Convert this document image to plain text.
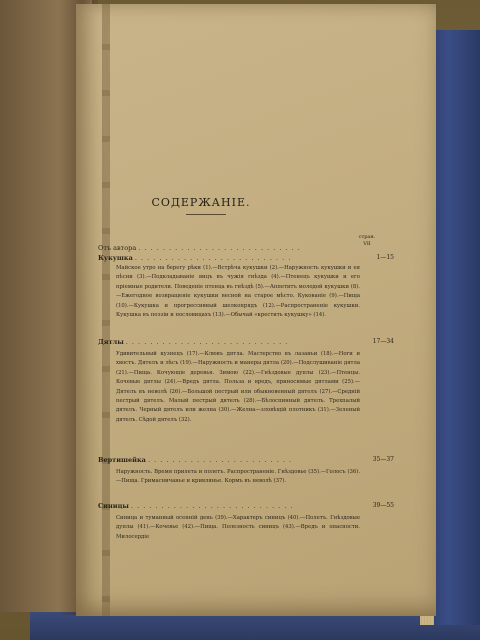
СОДЕРЖАНІЕ.
стран.
VII
Отъ автора . . . . . . . . . . . . . . . . . . . . . . . . . . .
Кукушка . . . . . . . . . . . . . . . . . . . . . . . . . .	1—15
Майское утро на берегу рѣки (1).—Встрѣча кукушки (2).—Наружность кукушки и ея пѣсни (3).—Подкладываніе яицъ въ чужія гнѣзда (4).—Птенецъ кукушки и его пріемные родители. Поведеніе птенца въ гнѣздѣ (5).—Аппетитъ молодой кукушки (8).—Ежегодное возвращеніе кукушки весной на старое мѣсто. Кукованіе (9).—Пища (10).—Кукушка и прогрессивный шелкопрядъ (12).—Распространеніе кукушки. Кукушка въ поэзіи и пословицахъ (13).—Обычай «крестить кукушку» (14).
Дятлы . . . . . . . . . . . . . . . . . . . . . . . . . . .	17—34
Удивительный кузнецъ (17).—Клювъ дятла. Мастерство въ лазаньи (18).—Ноги и хвостъ. Дятелъ и лѣсъ (19).—Наружность и манеры дятла (20).—Подслушиваніе дятла (21).—Пища. Кочующіе деревья. Зимою (22).—Гнѣздовые дуплы (23).—Птенцы. Кочевые дятлы (24).—Вредъ дятла. Польза и вредъ, приносимые дятлами (25).—Дятелъ въ неволѣ (26).—Большой пестрый или обыкновенный дятелъ (27).—Средній пестрый дятелъ. Малый пестрый дятелъ (28).—Бѣлоспинный дятелъ. Трехпалый дятелъ. Черный дятелъ или желна (30).—Желна—зловѣщій плотникъ (31).—Зеленый дятелъ. Сѣдой дятелъ (32).
Вертишейка . . . . . . . . . . . . . . . . . . . . . . . .	35—37
Наружность. Время прилета и полетъ. Распространеніе. Гнѣздовье (35).—Голосъ (36).—Пища. Гримасничанье и кривлянье. Кормъ въ неволѣ (37).
Синицы . . . . . . . . . . . . . . . . . . . . . . . . . . .	39—55
Синица и туманный осенній день (39).—Характеръ синицъ (40).—Полетъ. Гнѣздовые дуплы (41).—Кочевье (42).—Пища. Полезность синицъ (43).—Вредъ и опасности. Милосердіе
